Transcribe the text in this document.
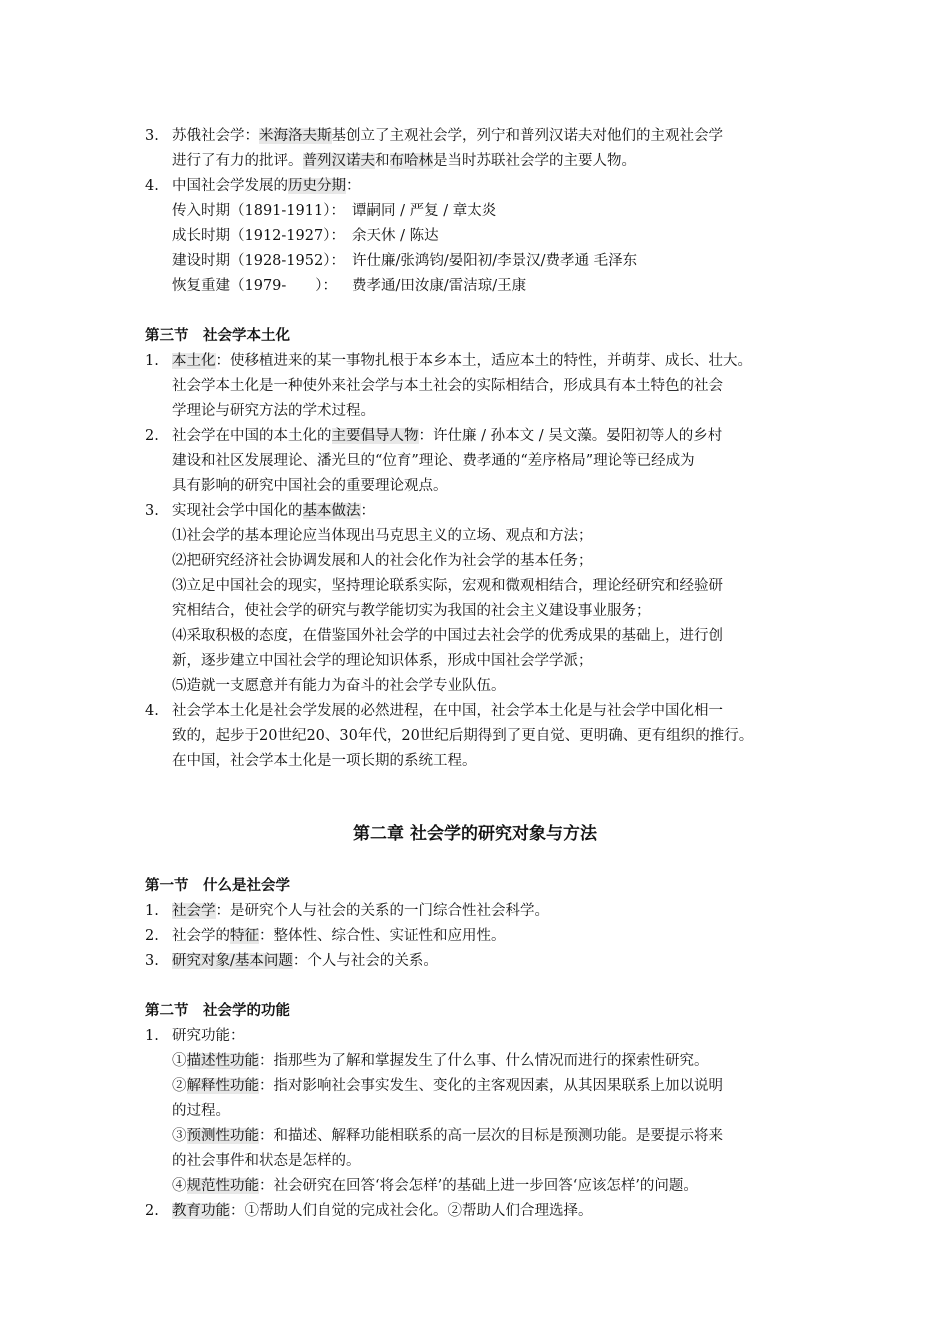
3. 苏俄社会学：米海洛夫斯基创立了主观社会学，列宁和普列汉诺夫对他们的主观社会学
进行了有力的批评。普列汉诺夫和布哈林是当时苏联社会学的主要人物。
4. 中国社会学发展的历史分期：
传入时期（1891-1911）： 谭嗣同 / 严复 / 章太炎
成长时期（1912-1927）： 余天休 / 陈达
建设时期（1928-1952）： 许仕廉/张鸿钧/晏阳初/李景汉/费孝通 毛泽东
恢复重建（1979-　　）： 费孝通/田汝康/雷洁琼/王康
第三节　社会学本土化
1. 本土化：使移植进来的某一事物扎根于本乡本土，适应本土的特性，并萌芽、成长、壮大。
社会学本土化是一种使外来社会学与本土社会的实际相结合，形成具有本土特色的社会
学理论与研究方法的学术过程。
2. 社会学在中国的本土化的主要倡导人物：许仕廉 / 孙本文 / 吴文藻。晏阳初等人的乡村
建设和社区发展理论、潘光旦的“位育”理论、费孝通的“差序格局”理论等已经成为
具有影响的研究中国社会的重要理论观点。
3. 实现社会学中国化的基本做法：
⑴社会学的基本理论应当体现出马克思主义的立场、观点和方法；
⑵把研究经济社会协调发展和人的社会化作为社会学的基本任务；
⑶立足中国社会的现实，坚持理论联系实际，宏观和微观相结合，理论经研究和经验研
究相结合，使社会学的研究与教学能切实为我国的社会主义建设事业服务；
⑷采取积极的态度，在借鉴国外社会学的中国过去社会学的优秀成果的基础上，进行创
新，逐步建立中国社会学的理论知识体系，形成中国社会学学派；
⑸造就一支愿意并有能力为奋斗的社会学专业队伍。
4. 社会学本土化是社会学发展的必然进程，在中国，社会学本土化是与社会学中国化相一
致的，起步于20世纪20、30年代，20世纪后期得到了更自觉、更明确、更有组织的推行。
在中国，社会学本土化是一项长期的系统工程。
第二章 社会学的研究对象与方法
第一节　什么是社会学
1. 社会学：是研究个人与社会的关系的一门综合性社会科学。
2. 社会学的特征：整体性、综合性、实证性和应用性。
3. 研究对象/基本问题：个人与社会的关系。
第二节　社会学的功能
1. 研究功能：
①描述性功能：指那些为了解和掌握发生了什么事、什么情况而进行的探索性研究。
②解释性功能：指对影响社会事实发生、变化的主客观因素，从其因果联系上加以说明
的过程。
③预测性功能：和描述、解释功能相联系的高一层次的目标是预测功能。是要提示将来
的社会事件和状态是怎样的。
④规范性功能：社会研究在回答‘将会怎样’的基础上进一步回答‘应该怎样’的问题。
2. 教育功能：①帮助人们自觉的完成社会化。②帮助人们合理选择。
